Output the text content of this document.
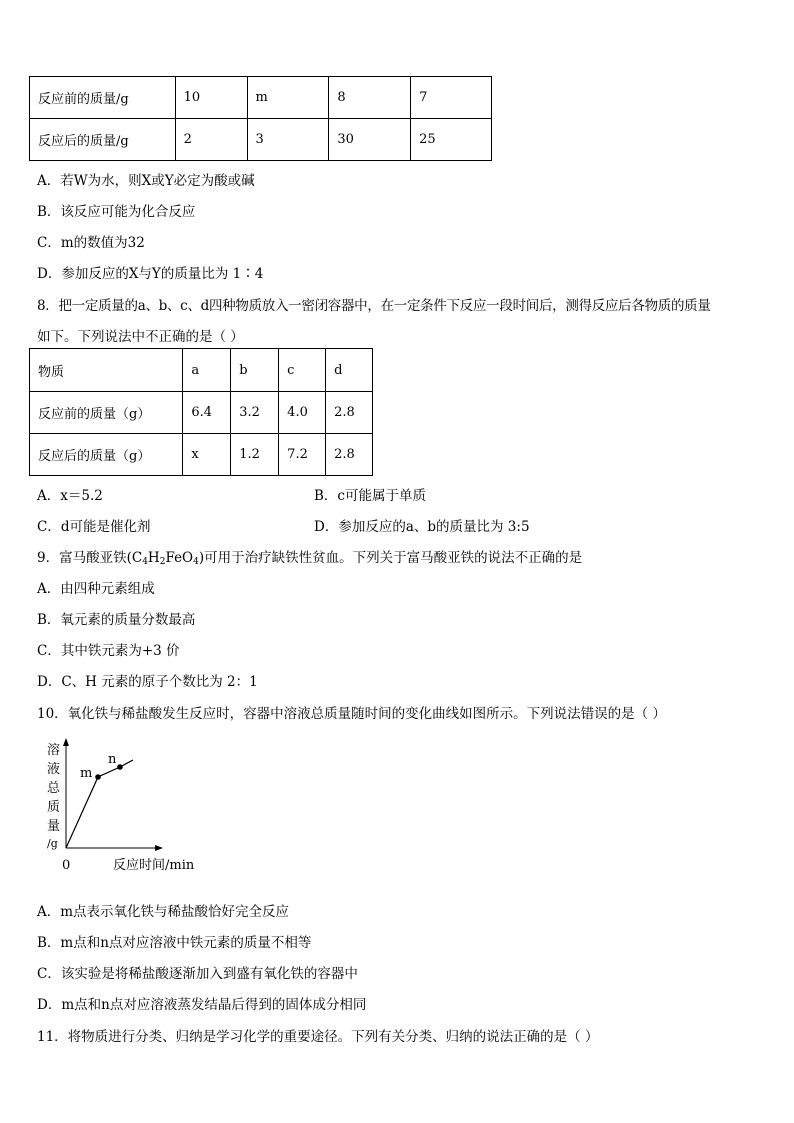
反应前的质量/g	10	m	8	7
反应后的质量/g	2	3	30	25
A．若W为水，则X或Y必定为酸或碱
B．该反应可能为化合反应
C．m的数值为32
D．参加反应的X与Y的质量比为 1∶4
8．把一定质量的a、b、c、d四种物质放入一密闭容器中，在一定条件下反应一段时间后，测得反应后各物质的质量
如下。下列说法中不正确的是（ ）
物质	a	b	c	d
反应前的质量（g）	6.4	3.2	4.0	2.8
反应后的质量（g）	x	1.2	7.2	2.8
A．x＝5.2	B．c可能属于单质
C．d可能是催化剂	D．参加反应的a、b的质量比为 3:5
9．富马酸亚铁$(C_4H_2FeO_4)$可用于治疗缺铁性贫血。下列关于富马酸亚铁的说法不正确的是
A．由四种元素组成
B．氧元素的质量分数最高
C．其中铁元素为+3 价
D．C、H 元素的原子个数比为 2：1
10．氧化铁与稀盐酸发生反应时，容器中溶液总质量随时间的变化曲线如图所示。下列说法错误的是（ ）
溶
液
总
质
量
/g
m
n
0	反应时间/min
A．m点表示氧化铁与稀盐酸恰好完全反应
B．m点和n点对应溶液中铁元素的质量不相等
C．该实验是将稀盐酸逐渐加入到盛有氧化铁的容器中
D．m点和n点对应溶液蒸发结晶后得到的固体成分相同
11．将物质进行分类、归纳是学习化学的重要途径。下列有关分类、归纳的说法正确的是（ ）
